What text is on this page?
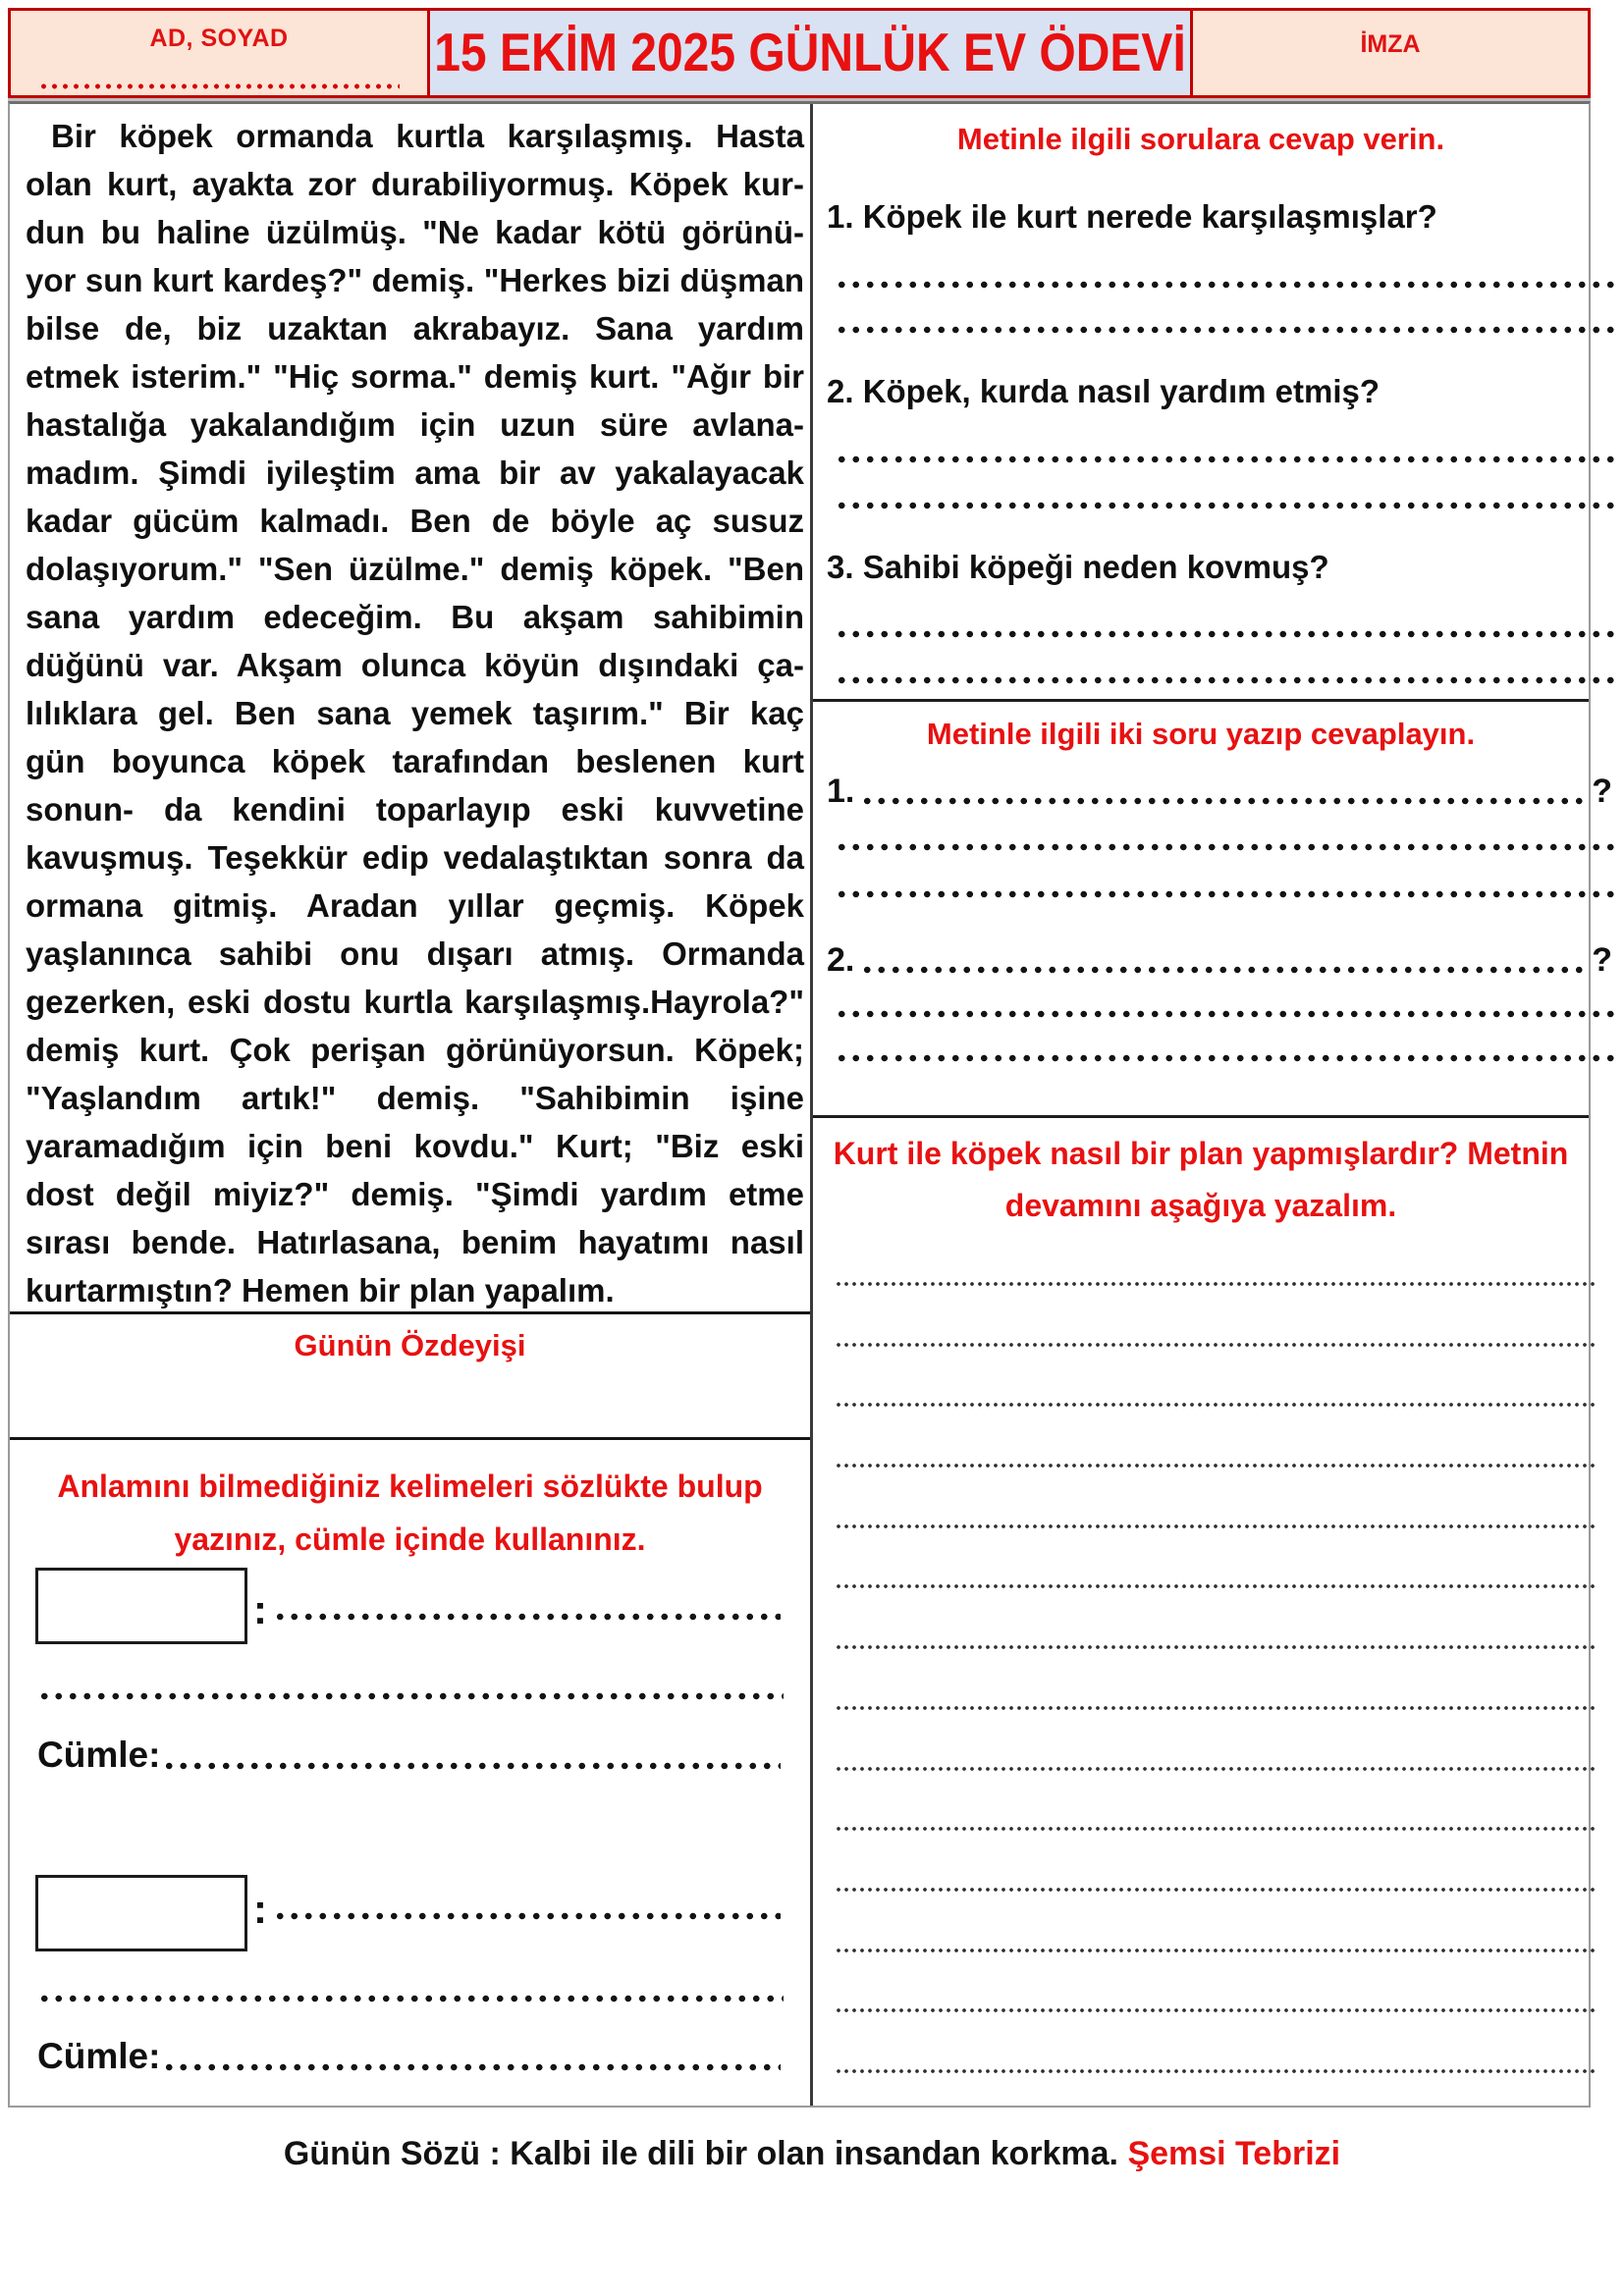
AD, SOYAD	15 EKİM 2025 GÜNLÜK EV ÖDEVİ	İMZA
Bir köpek ormanda kurtla karşılaşmış. Hasta
olan kurt, ayakta zor durabiliyormuş. Köpek kur-
dun bu haline üzülmüş. "Ne kadar kötü görünü-
yor sun kurt kardeş?" demiş. "Herkes bizi düşman
bilse de, biz uzaktan akrabayız. Sana yardım
etmek isterim." "Hiç sorma." demiş kurt. "Ağır bir
hastalığa yakalandığım için uzun süre avlana-
madım. Şimdi iyileştim ama bir av yakalayacak
kadar gücüm kalmadı. Ben de böyle aç susuz
dolaşıyorum." "Sen üzülme." demiş köpek. "Ben
sana yardım edeceğim. Bu akşam sahibimin
düğünü var. Akşam olunca köyün dışındaki ça-
lılıklara gel. Ben sana yemek taşırım." Bir kaç
gün boyunca köpek tarafından beslenen kurt
sonun- da kendini toparlayıp eski kuvvetine
kavuşmuş. Teşekkür edip vedalaştıktan sonra da
ormana gitmiş. Aradan yıllar geçmiş. Köpek
yaşlanınca sahibi onu dışarı atmış. Ormanda
gezerken, eski dostu kurtla karşılaşmış.Hayrola?"
demiş kurt. Çok perişan görünüyorsun. Köpek;
"Yaşlandım artık!" demiş. "Sahibimin işine
yaramadığım için beni kovdu." Kurt; "Biz eski
dost değil miyiz?" demiş. "Şimdi yardım etme
sırası bende. Hatırlasana, benim hayatımı nasıl
kurtarmıştın? Hemen bir plan yapalım.
Günün Özdeyişi
Anlamını bilmediğiniz kelimeleri sözlükte bulup
yazınız, cümle içinde kullanınız.
:
Cümle:
:
Cümle:
Metinle ilgili sorulara cevap verin.
1. Köpek ile kurt nerede karşılaşmışlar?
2. Köpek, kurda nasıl yardım etmiş?
3. Sahibi köpeği neden kovmuş?
Metinle ilgili iki soru yazıp cevaplayın.
1.	?
2.	?
Kurt ile köpek nasıl bir plan yapmışlardır? Metnin
devamını aşağıya yazalım.
Günün Sözü : Kalbi ile dili bir olan insandan korkma. Şemsi Tebrizi
